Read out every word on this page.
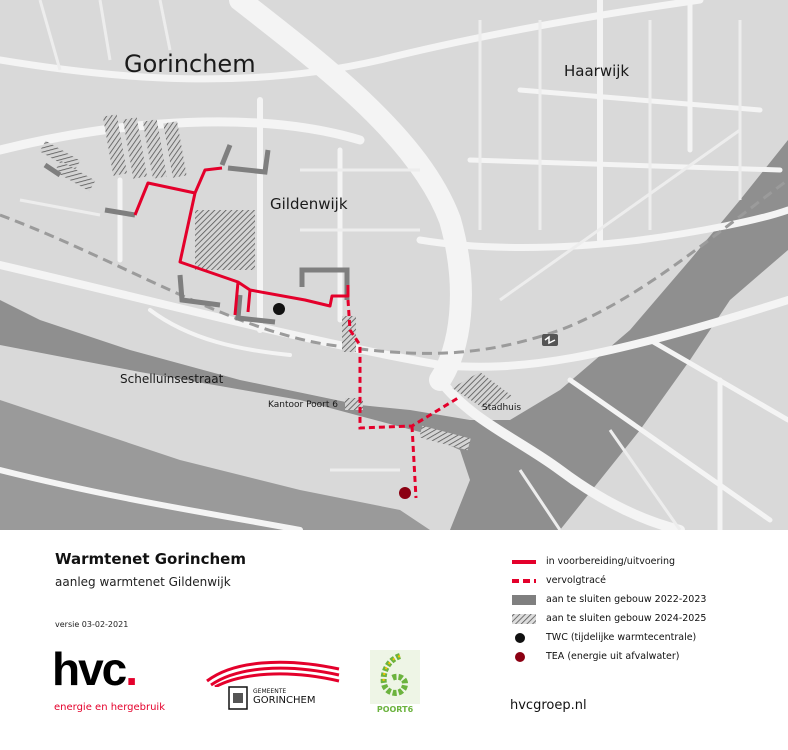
Gorinchem	Haarwijk
Gildenwijk
Schelluinsestraat
Kantoor Poort 6	Stadhuis
Warmtenet Gorinchem
aanleg warmtenet Gildenwijk
versie 03-02-2021
in voorbereiding/uitvoering
vervolgtracé
aan te sluiten gebouw 2022-2023
aan te sluiten gebouw 2024-2025
TWC (tijdelijke warmtecentrale)
TEA (energie uit afvalwater)
hvcgroep.nl
hvc.
energie en hergebruik
GEMEENTE
GORINCHEM
POORT6
